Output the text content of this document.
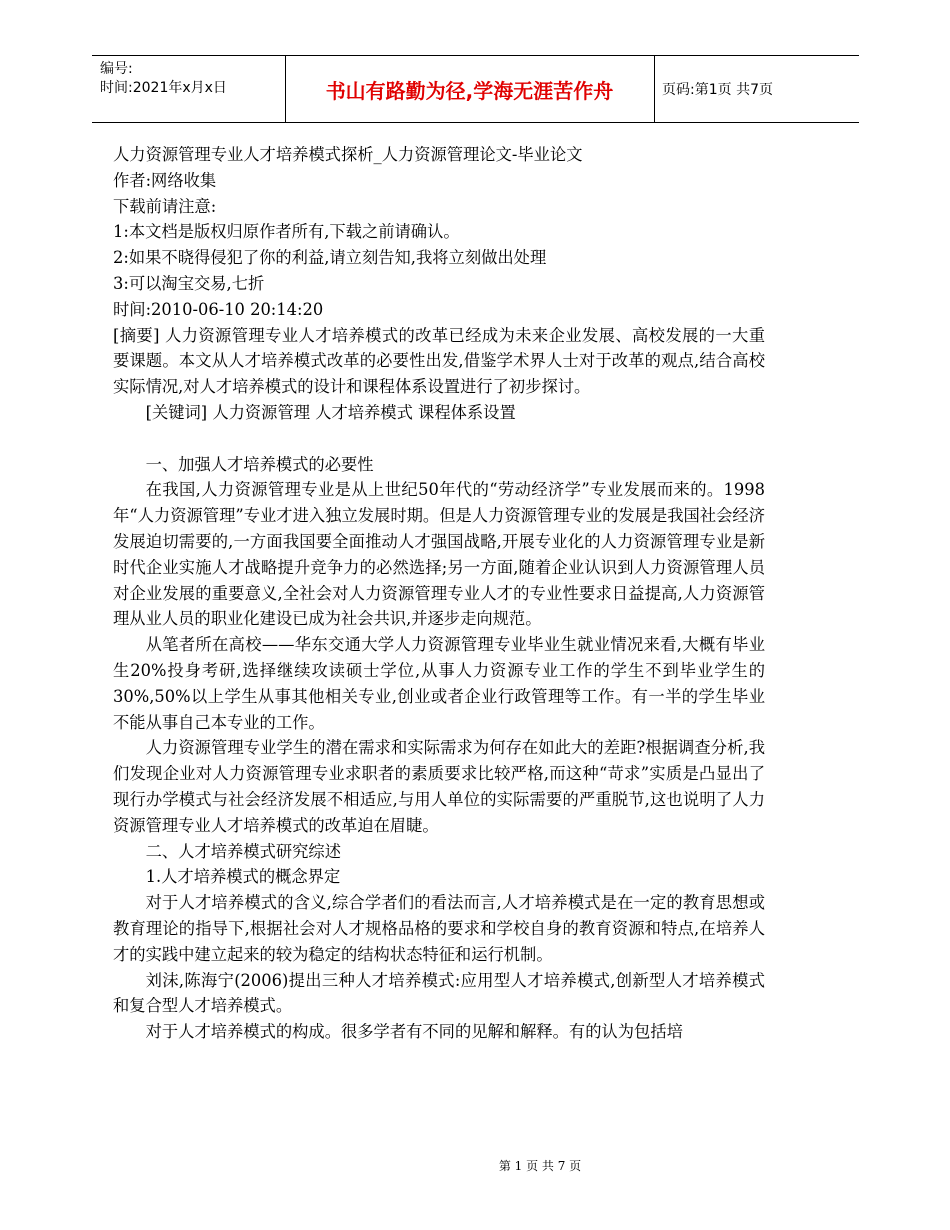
编号:
时间:2021年x月x日	书山有路勤为径,学海无涯苦作舟	页码:第1页 共7页

人力资源管理专业人才培养模式探析_人力资源管理论文-毕业论文

作者:网络收集

下载前请注意:

1:本文档是版权归原作者所有,下载之前请确认。

2:如果不晓得侵犯了你的利益,请立刻告知,我将立刻做出处理

3:可以淘宝交易,七折

时间:2010-06-10 20:14:20

[摘要] 人力资源管理专业人才培养模式的改革已经成为未来企业发展、高校发展的一大重要课题。本文从人才培养模式改革的必要性出发,借鉴学术界人士对于改革的观点,结合高校实际情况,对人才培养模式的设计和课程体系设置进行了初步探讨。

[关键词] 人力资源管理 人才培养模式 课程体系设置

一、加强人才培养模式的必要性

在我国,人力资源管理专业是从上世纪50年代的“劳动经济学”专业发展而来的。1998年“人力资源管理”专业才进入独立发展时期。但是人力资源管理专业的发展是我国社会经济发展迫切需要的,一方面我国要全面推动人才强国战略,开展专业化的人力资源管理专业是新时代企业实施人才战略提升竞争力的必然选择;另一方面,随着企业认识到人力资源管理人员对企业发展的重要意义,全社会对人力资源管理专业人才的专业性要求日益提高,人力资源管理从业人员的职业化建设已成为社会共识,并逐步走向规范。

从笔者所在高校——华东交通大学人力资源管理专业毕业生就业情况来看,大概有毕业生20%投身考研,选择继续攻读硕士学位,从事人力资源专业工作的学生不到毕业学生的30%,50%以上学生从事其他相关专业,创业或者企业行政管理等工作。有一半的学生毕业不能从事自己本专业的工作。

人力资源管理专业学生的潜在需求和实际需求为何存在如此大的差距?根据调查分析,我们发现企业对人力资源管理专业求职者的素质要求比较严格,而这种“苛求”实质是凸显出了现行办学模式与社会经济发展不相适应,与用人单位的实际需要的严重脱节,这也说明了人力资源管理专业人才培养模式的改革迫在眉睫。

二、人才培养模式研究综述

1.人才培养模式的概念界定

对于人才培养模式的含义,综合学者们的看法而言,人才培养模式是在一定的教育思想或教育理论的指导下,根据社会对人才规格品格的要求和学校自身的教育资源和特点,在培养人才的实践中建立起来的较为稳定的结构状态特征和运行机制。

刘沫,陈海宁(2006)提出三种人才培养模式:应用型人才培养模式,创新型人才培养模式和复合型人才培养模式。

对于人才培养模式的构成。很多学者有不同的见解和解释。有的认为包括培

第 1 页 共 7 页
